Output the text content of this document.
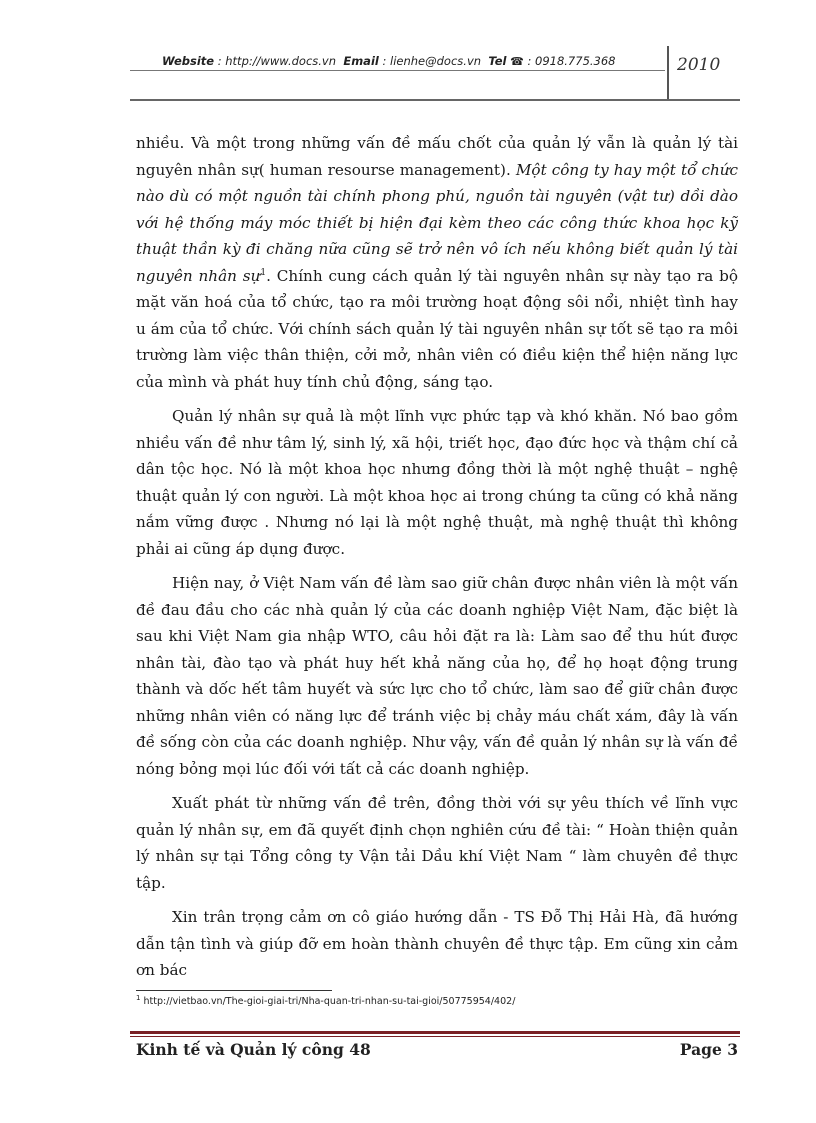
Website : http://www.docs.vn Email : lienhe@docs.vn Tel ☎ : 0918.775.368	2010

nhiều. Và một trong những vấn đề mấu chốt của quản lý vẫn là quản lý tài nguyên nhân sự( human resourse management). Một công ty hay một tổ chức nào dù có một nguồn tài chính phong phú, nguồn tài nguyên (vật tư) dồi dào với hệ thống máy móc thiết bị hiện đại kèm theo các công thức khoa học kỹ thuật thần kỳ đi chăng nữa cũng sẽ trở nên vô ích nếu không biết quản lý tài nguyên nhân sự$^1$. Chính cung cách quản lý tài nguyên nhân sự này tạo ra bộ mặt văn hoá của tổ chức, tạo ra môi trường hoạt động sôi nổi, nhiệt tình hay u ám của tổ chức. Với chính sách quản lý tài nguyên nhân sự tốt sẽ tạo ra môi trường làm việc thân thiện, cởi mở, nhân viên có điều kiện thể hiện năng lực của mình và phát huy tính chủ động, sáng tạo.

Quản lý nhân sự quả là một lĩnh vực phức tạp và khó khăn. Nó bao gồm nhiều vấn đề như tâm lý, sinh lý, xã hội, triết học, đạo đức học và thậm chí cả dân tộc học. Nó là một khoa học nhưng đồng thời là một nghệ thuật – nghệ thuật quản lý con người. Là một khoa học ai trong chúng ta cũng có khả năng nắm vững được . Nhưng nó lại là một nghệ thuật, mà nghệ thuật thì không phải ai cũng áp dụng được.

Hiện nay, ở Việt Nam vấn đề làm sao giữ chân được nhân viên là một vấn đề đau đầu cho các nhà quản lý của các doanh nghiệp Việt Nam, đặc biệt là sau khi Việt Nam gia nhập WTO, câu hỏi đặt ra là: Làm sao để thu hút được nhân tài, đào tạo và phát huy hết khả năng của họ, để họ hoạt động trung thành và dốc hết tâm huyết và sức lực cho tổ chức, làm sao để giữ chân được những nhân viên có năng lực để tránh việc bị chảy máu chất xám, đây là vấn đề sống còn của các doanh nghiệp. Như vậy, vấn đề quản lý nhân sự là vấn đề nóng bỏng mọi lúc đối với tất cả các doanh nghiệp.

Xuất phát từ những vấn đề trên, đồng thời với sự yêu thích về lĩnh vực quản lý nhân sự, em đã quyết định chọn nghiên cứu đề tài: “ Hoàn thiện quản lý nhân sự tại Tổng công ty Vận tải Dầu khí Việt Nam “ làm chuyên đề thực tập.

Xin trân trọng cảm ơn cô giáo hướng dẫn - TS Đỗ Thị Hải Hà, đã hướng dẫn tận tình và giúp đỡ em hoàn thành chuyên đề thực tập. Em cũng xin cảm ơn bác

$^1$ http://vietbao.vn/The-gioi-giai-tri/Nha-quan-tri-nhan-su-tai-gioi/50775954/402/
Kinh tế và Quản lý công 48	Page 3
